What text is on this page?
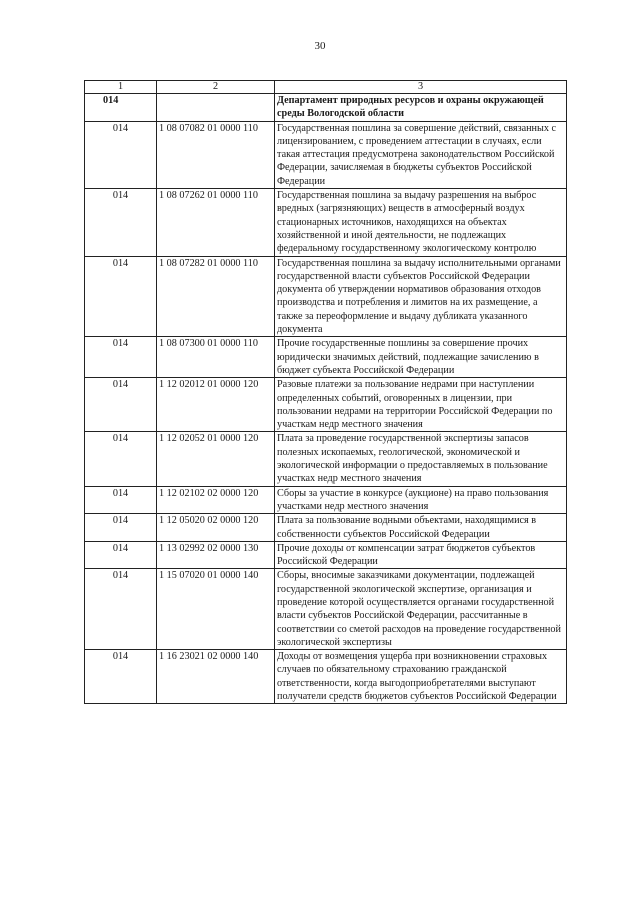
30
1	2	3
014		Департамент природных ресурсов и охраны окружающей среды Вологодской области
014	1 08 07082 01 0000 110	Государственная пошлина за совершение действий, связанных с лицензированием, с проведением аттестации в случаях, если такая аттестация предусмотрена законодательством Российской Федерации, зачисляемая в бюджеты субъектов Российской Федерации
014	1 08 07262 01 0000 110	Государственная пошлина за выдачу разрешения на выброс вредных (загрязняющих) веществ в атмосферный воздух стационарных источников, находящихся на объектах хозяйственной и иной деятельности, не подлежащих федеральному государственному экологическому контролю
014	1 08 07282 01 0000 110	Государственная пошлина за выдачу исполнительными органами государственной власти субъектов Российской Федерации документа об утверждении нормативов образования отходов производства и потребления и лимитов на их размещение, а также за переоформление и выдачу дубликата указанного документа
014	1 08 07300 01 0000 110	Прочие государственные пошлины за совершение прочих юридически значимых действий, подлежащие зачислению в бюджет субъекта Российской Федерации
014	1 12 02012 01 0000 120	Разовые платежи за пользование недрами при наступлении определенных событий, оговоренных в лицензии, при пользовании недрами на территории Российской Федерации по участкам недр местного значения
014	1 12 02052 01 0000 120	Плата за проведение государственной экспертизы запасов полезных ископаемых, геологической, экономической и экологической информации о предоставляемых в пользование участках недр местного значения
014	1 12 02102 02 0000 120	Сборы за участие в конкурсе (аукционе) на право пользования участками недр местного значения
014	1 12 05020 02 0000 120	Плата за пользование водными объектами, находящимися в собственности субъектов Российской Федерации
014	1 13 02992 02 0000 130	Прочие доходы от компенсации затрат бюджетов субъектов Российской Федерации
014	1 15 07020 01 0000 140	Сборы, вносимые заказчиками документации, подлежащей государственной экологической экспертизе, организация и проведение которой осуществляется органами государственной власти субъектов Российской Федерации, рассчитанные в соответствии со сметой расходов на проведение государственной экологической экспертизы
014	1 16 23021 02 0000 140	Доходы от возмещения ущерба при возникновении страховых случаев по обязательному страхованию гражданской ответственности, когда выгодоприобретателями выступают получатели средств бюджетов субъектов Российской Федерации
